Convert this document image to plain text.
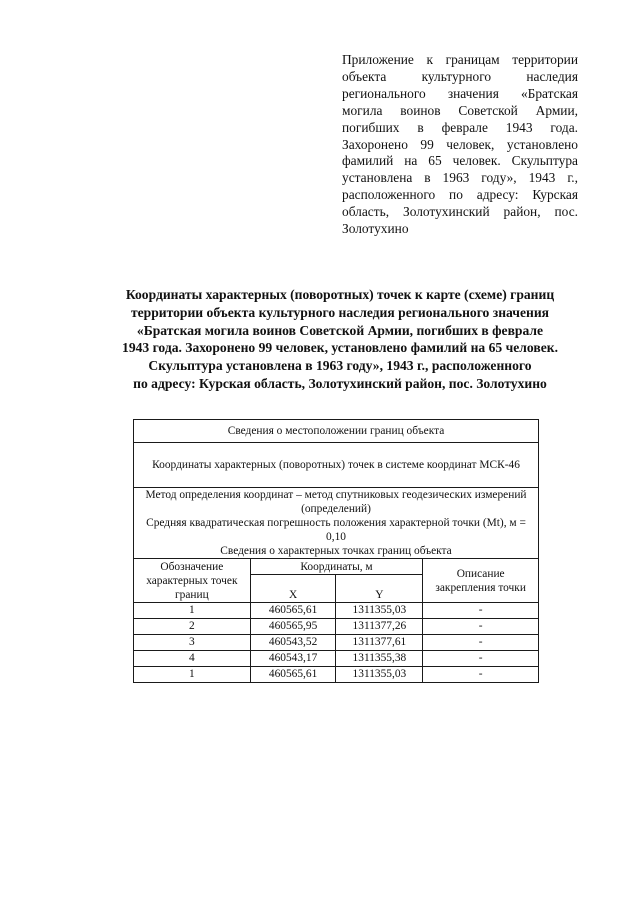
Приложение к границам территории объекта культурного наследия регионального значения «Братская могила воинов Советской Армии, погибших в феврале 1943 года. Захоронено 99 человек, установлено фамилий на 65 человек. Скульптура установлена в 1963 году», 1943 г., расположенного по адресу: Курская область, Золотухинский район, пос. Золотухино
Координаты характерных (поворотных) точек к карте (схеме) границ
территории объекта культурного наследия регионального значения
«Братская могила воинов Советской Армии, погибших в феврале
1943 года. Захоронено 99 человек, установлено фамилий на 65 человек.
Скульптура установлена в 1963 году», 1943 г., расположенного
по адресу: Курская область, Золотухинский район, пос. Золотухино
Сведения о местоположении границ объекта			
Координаты характерных (поворотных) точек в системе координат МСК-46			

Метод определения координат – метод спутниковых геодезических измерений (определений)
Средняя квадратическая погрешность положения характерной точки (Mt), м = 0,10
Сведения о характерных точках границ объекта			

Обозначение характерных точек границ	Координаты, м		Описание закрепления точки
	X	Y	
1	460565,61	1311355,03	-
2	460565,95	1311377,26	-
3	460543,52	1311377,61	-
4	460543,17	1311355,38	-
1	460565,61	1311355,03	-
